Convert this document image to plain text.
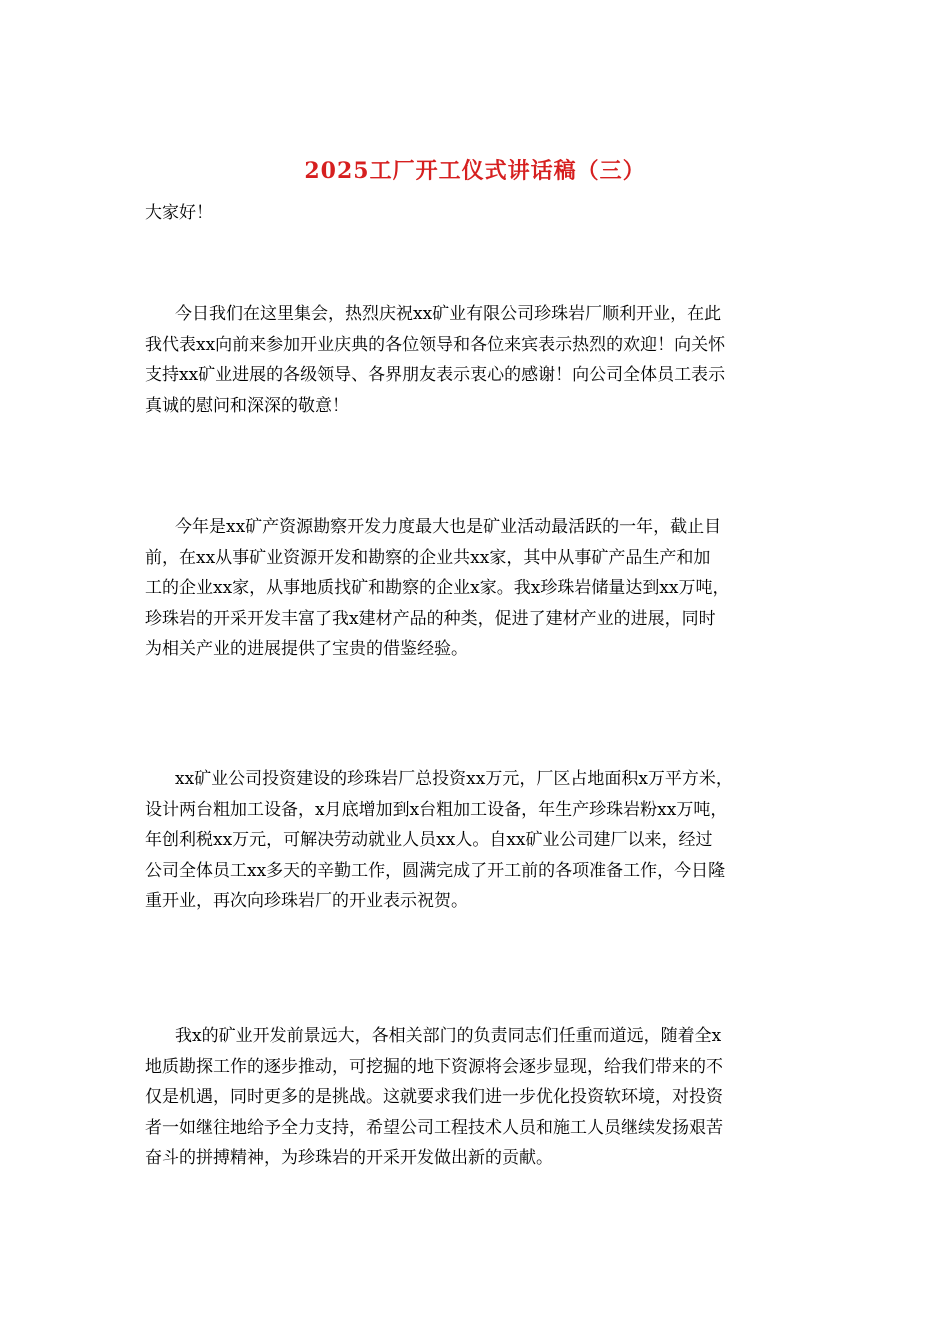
2025工厂开工仪式讲话稿（三）
大家好！
今日我们在这里集会，热烈庆祝xx矿业有限公司珍珠岩厂顺利开业，在此
我代表xx向前来参加开业庆典的各位领导和各位来宾表示热烈的欢迎！向关怀
支持xx矿业进展的各级领导、各界朋友表示衷心的感谢！向公司全体员工表示
真诚的慰问和深深的敬意！
今年是xx矿产资源勘察开发力度最大也是矿业活动最活跃的一年，截止目
前，在xx从事矿业资源开发和勘察的企业共xx家，其中从事矿产品生产和加
工的企业xx家，从事地质找矿和勘察的企业x家。我x珍珠岩储量达到xx万吨，
珍珠岩的开采开发丰富了我x建材产品的种类，促进了建材产业的进展，同时
为相关产业的进展提供了宝贵的借鉴经验。
xx矿业公司投资建设的珍珠岩厂总投资xx万元，厂区占地面积x万平方米，
设计两台粗加工设备，x月底增加到x台粗加工设备，年生产珍珠岩粉xx万吨，
年创利税xx万元，可解决劳动就业人员xx人。自xx矿业公司建厂以来，经过
公司全体员工xx多天的辛勤工作，圆满完成了开工前的各项准备工作，今日隆
重开业，再次向珍珠岩厂的开业表示祝贺。
我x的矿业开发前景远大，各相关部门的负责同志们任重而道远，随着全x
地质勘探工作的逐步推动，可挖掘的地下资源将会逐步显现，给我们带来的不
仅是机遇，同时更多的是挑战。这就要求我们进一步优化投资软环境，对投资
者一如继往地给予全力支持，希望公司工程技术人员和施工人员继续发扬艰苦
奋斗的拼搏精神，为珍珠岩的开采开发做出新的贡献。
